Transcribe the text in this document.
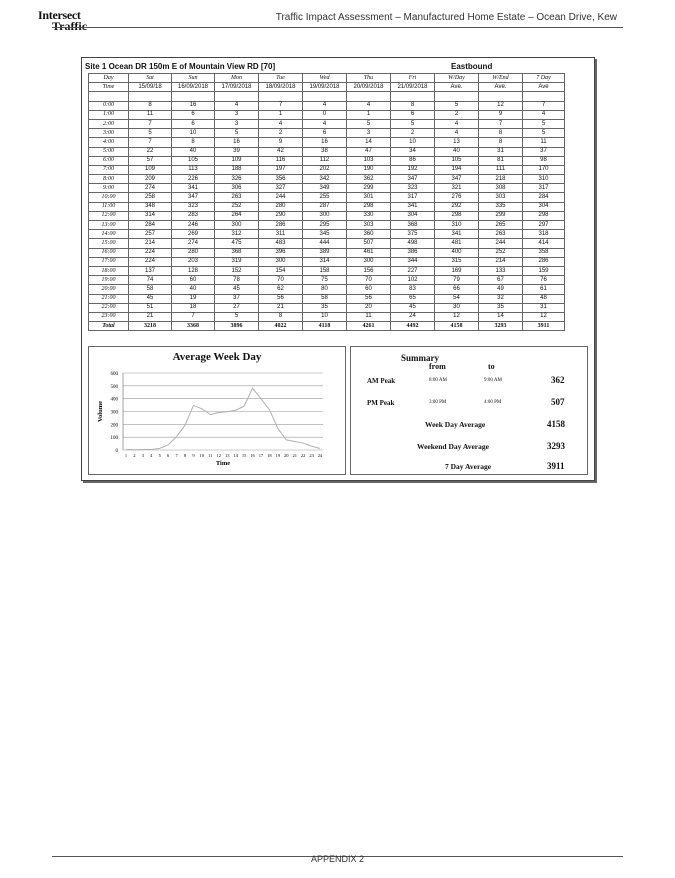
Intersect
Traffic
Traffic Impact Assessment – Manufactured Home Estate – Ocean Drive, Kew
Site 1 Ocean DR 150m E of Mountain View RD [70]	Eastbound
Day	Sat	Sun	Mon	Tue	Wed	Thu	Fri	W/Day	W/End	7 Day
Time	15/09/18	16/09/2018	17/09/2018	18/09/2018	19/09/2018	20/09/2018	21/09/2018	Ave.	Ave.	Ave

0:00	8	16	4	7	4	4	8	5	12	7
1:00	11	6	3	1	0	1	6	2	9	4
2:00	7	6	3	4	4	5	5	4	7	5
3:00	5	10	5	2	6	3	2	4	8	5
4:00	7	8	16	9	16	14	10	13	8	11
5:00	22	40	39	42	38	47	34	40	31	37
6:00	57	105	109	116	112	103	86	105	81	98
7:00	109	113	188	197	202	190	192	194	111	170
8:00	209	226	326	356	342	362	347	347	218	310
9:00	274	341	306	327	349	299	323	321	308	317
10:00	258	347	263	244	255	301	317	276	303	284
11:00	348	323	252	280	287	298	341	292	335	304
12:00	314	283	264	290	300	330	304	298	299	298
13:00	284	246	300	286	295	303	368	310	265	297
14:00	257	269	312	311	345	360	375	341	263	318
15:00	214	274	475	483	444	507	498	481	244	414
16:00	224	280	368	396	389	461	386	400	252	358
17:00	224	203	319	300	314	300	344	315	214	286
18:00	137	128	152	154	158	156	227	169	133	159
19:00	74	60	78	70	75	70	102	79	67	76
20:00	58	40	45	62	80	60	83	66	49	61
21:00	45	19	37	56	58	56	65	54	32	48
22:00	51	18	27	21	35	20	45	30	35	31
23:00	21	7	5	8	10	11	24	12	14	12
Total	3218	3368	3896	4022	4118	4261	4492	4158	3293	3911
Average Week Day
0
100
200
300
400
500
600
1 2 3 4 5 6 7 8 9 10 11 12 13 14 15 16 17 18 19 20 21 22 23 24
Time
Volume
Summary
from	to
AM Peak	8:00 AM	9:00 AM	362
PM Peak	3:00 PM	4:00 PM	507
Week Day Average	4158
Weekend Day Average	3293
7 Day Average	3911
APPENDIX 2
